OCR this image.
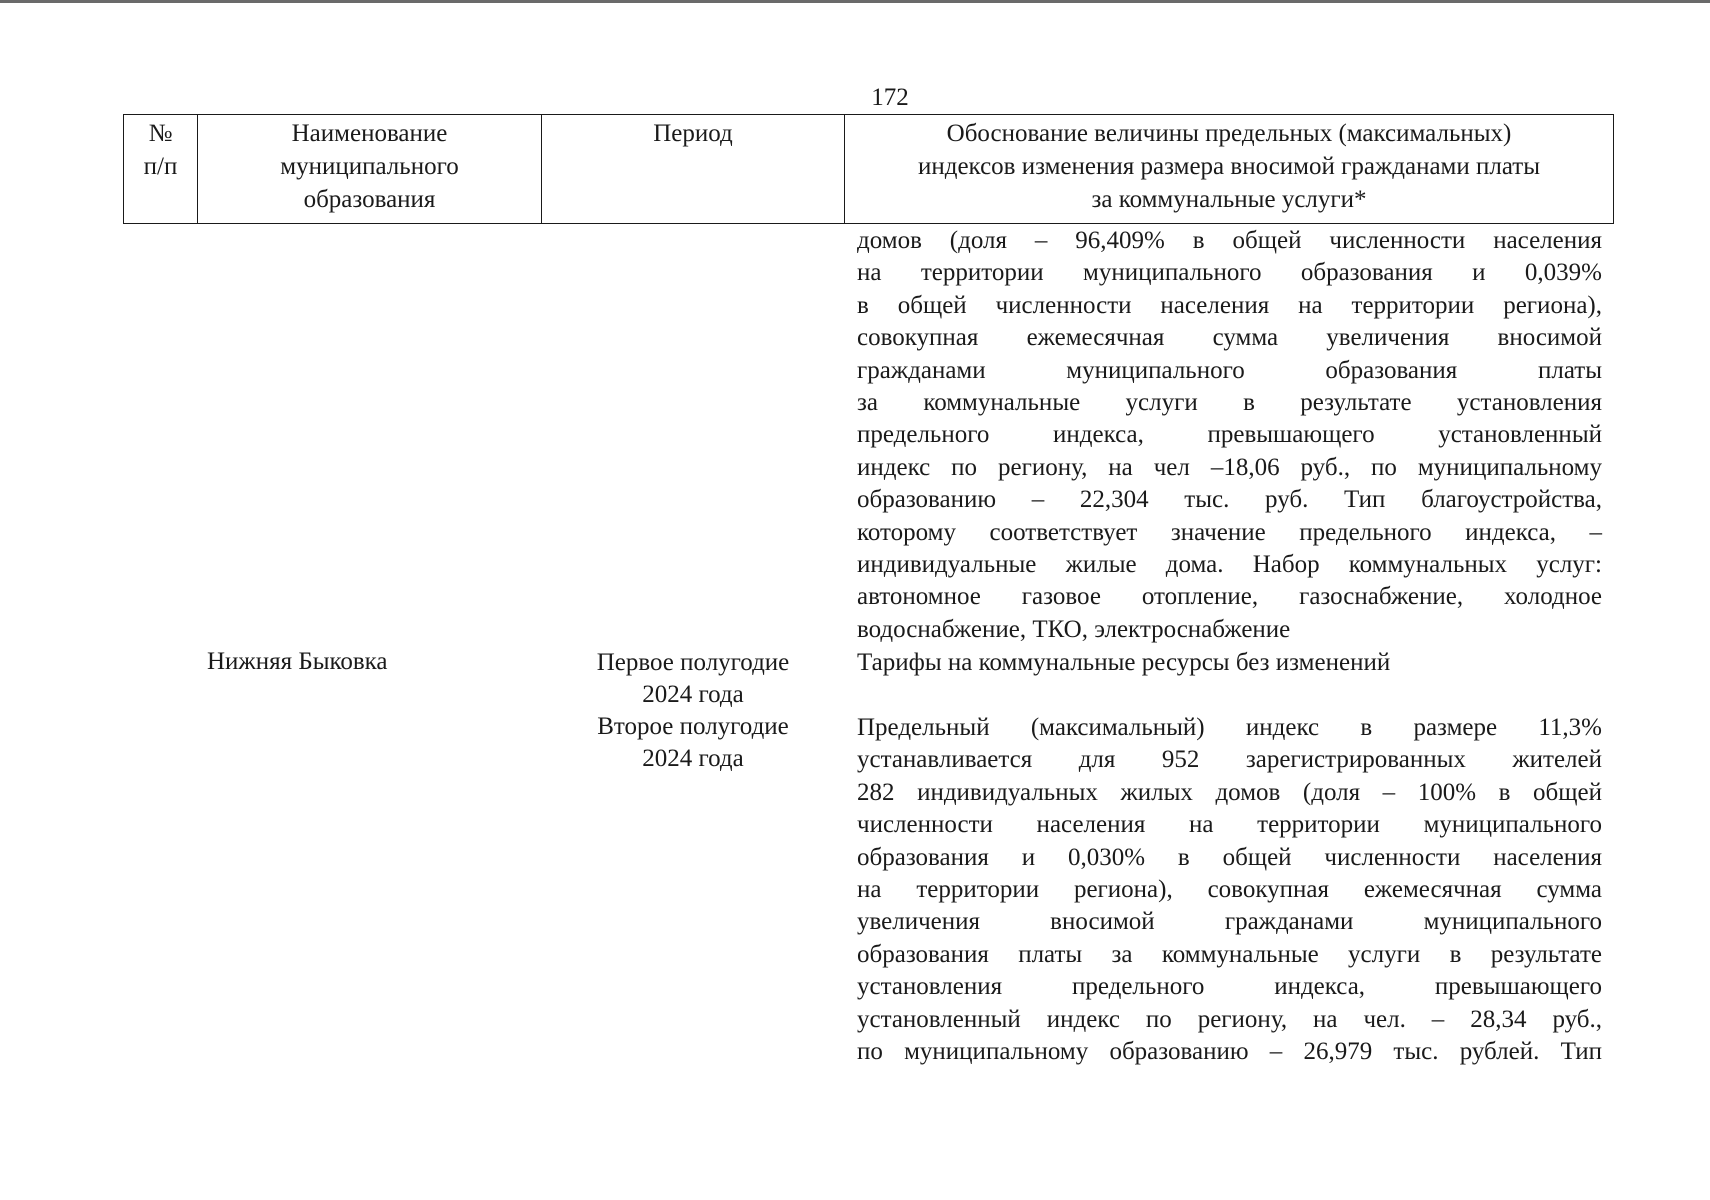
172
№
п/п
Наименование
муниципального
образования
Период	Обоснование величины предельных (максимальных)
индексов изменения размера вносимой гражданами платы
за коммунальные услуги*
домов (доля – 96,409% в общей численности населения
на территории муниципального образования и 0,039%
в общей численности населения на территории региона),
совокупная ежемесячная сумма увеличения вносимой
гражданами муниципального образования платы
за коммунальные услуги в результате установления
предельного индекса, превышающего установленный
индекс по региону, на чел –18,06 руб., по муниципальному
образованию – 22,304 тыс. руб. Тип благоустройства,
которому соответствует значение предельного индекса, –
индивидуальные жилые дома. Набор коммунальных услуг:
автономное газовое отопление, газоснабжение, холодное
водоснабжение, ТКО, электроснабжение
Нижняя Быковка	Первое полугодие
2024 года
Второе полугодие
2024 года
Тарифы на коммунальные ресурсы без изменений
Предельный (максимальный) индекс в размере 11,3%
устанавливается для 952 зарегистрированных жителей
282 индивидуальных жилых домов (доля – 100% в общей
численности населения на территории муниципального
образования и 0,030% в общей численности населения
на территории региона), совокупная ежемесячная сумма
увеличения вносимой гражданами муниципального
образования платы за коммунальные услуги в результате
установления предельного индекса, превышающего
установленный индекс по региону, на чел. – 28,34 руб.,
по муниципальному образованию – 26,979 тыс. рублей. Тип
